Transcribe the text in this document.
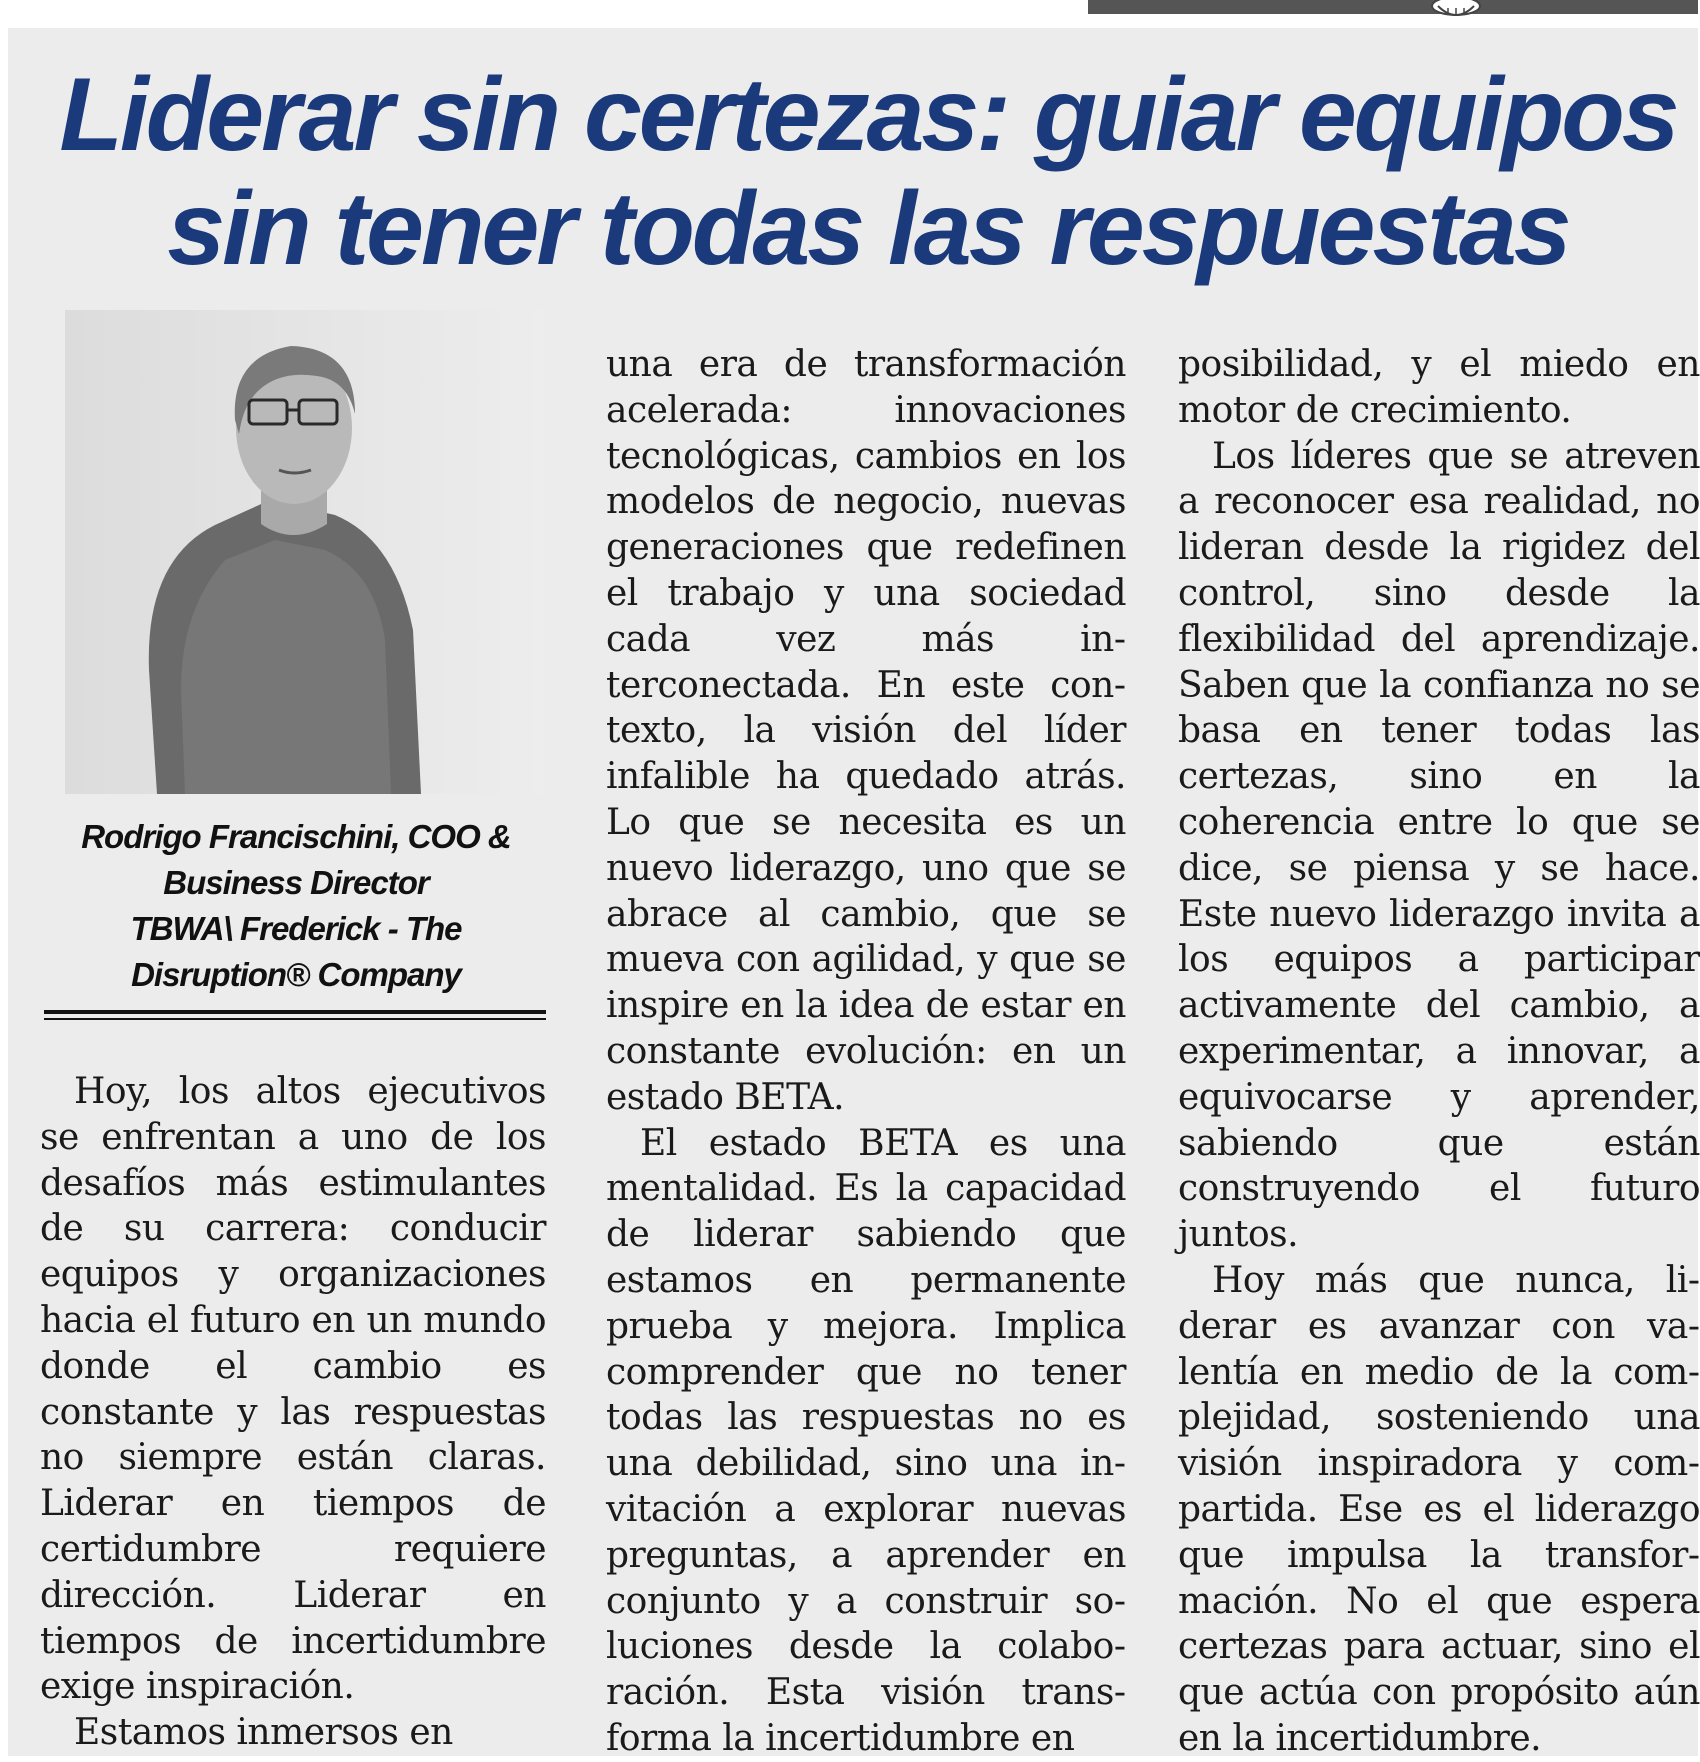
Liderar sin certezas: guiar equipos
sin tener todas las respuestas

Rodrigo Francischini, COO &
Business Director
TBWA\ Frederick - The
Disruption® Company

Hoy, los altos ejecutivos se enfrentan a uno de los desafíos más estimulantes de su carrera: conducir equipos y organizaciones hacia el futuro en un mundo donde el cambio es constante y las respuestas no siempre están claras. Liderar en tiempos de certidumbre requiere dirección. Liderar en tiempos de incertidumbre exige inspiración.

Estamos inmersos en

una era de transformación acelerada: innovaciones tecnológicas, cambios en los modelos de negocio, nuevas generaciones que redefinen el trabajo y una sociedad cada vez más interconectada. En este contexto, la visión del líder infalible ha quedado atrás. Lo que se necesita es un nuevo liderazgo, uno que se abrace al cambio, que se mueva con agilidad, y que se inspire en la idea de estar en constante evolución: en un estado BETA.

El estado BETA es una mentalidad. Es la capacidad de liderar sabiendo que estamos en permanente prueba y mejora. Implica comprender que no tener todas las respuestas no es una debilidad, sino una invitación a explorar nuevas preguntas, a aprender en conjunto y a construir soluciones desde la colaboración. Esta visión transforma la incertidumbre en

posibilidad, y el miedo en motor de crecimiento.

Los líderes que se atreven a reconocer esa realidad, no lideran desde la rigidez del control, sino desde la flexibilidad del aprendizaje. Saben que la confianza no se basa en tener todas las certezas, sino en la coherencia entre lo que se dice, se piensa y se hace. Este nuevo liderazgo invita a los equipos a participar activamente del cambio, a experimentar, a innovar, a equivocarse y aprender, sabiendo que están construyendo el futuro juntos.

Hoy más que nunca, liderar es avanzar con valentía en medio de la complejidad, sosteniendo una visión inspiradora y compartida. Ese es el liderazgo que impulsa la transformación. No el que espera certezas para actuar, sino el que actúa con propósito aún en la incertidumbre.
